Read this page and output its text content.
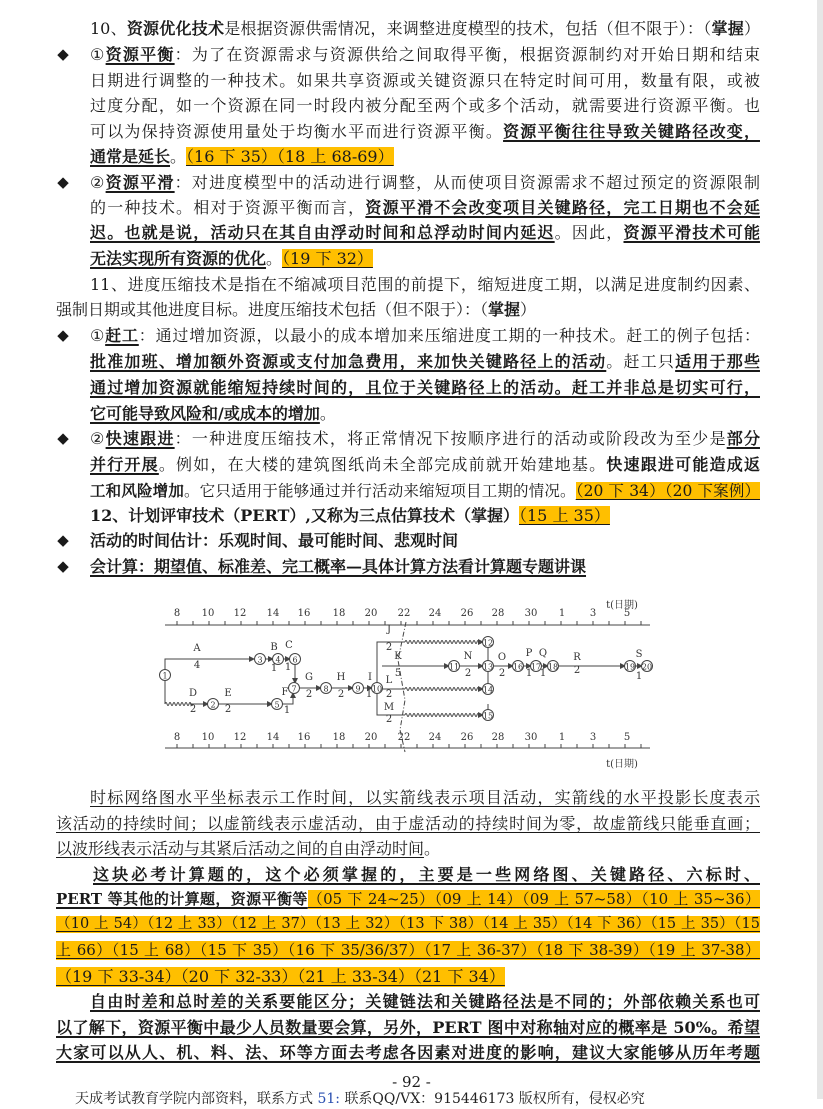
10、资源优化技术是根据资源供需情况，来调整进度模型的技术，包括（但不限于）：（掌握）
①资源平衡：为了在资源需求与资源供给之间取得平衡，根据资源制约对开始日期和结束
◆
日期进行调整的一种技术。如果共享资源或关键资源只在特定时间可用，数量有限，或被
过度分配，如一个资源在同一时段内被分配至两个或多个活动，就需要进行资源平衡。也
可以为保持资源使用量处于均衡水平而进行资源平衡。资源平衡往往导致关键路径改变，
通常是延长。（16 下 35）（18 上 68-69）
②资源平滑：对进度模型中的活动进行调整，从而使项目资源需求不超过预定的资源限制
◆
的一种技术。相对于资源平衡而言，资源平滑不会改变项目关键路径，完工日期也不会延
迟。也就是说，活动只在其自由浮动时间和总浮动时间内延迟。因此，资源平滑技术可能
无法实现所有资源的优化。（19 下 32）
11、进度压缩技术是指在不缩减项目范围的前提下，缩短进度工期，以满足进度制约因素、
强制日期或其他进度目标。进度压缩技术包括（但不限于）：（掌握）
①赶工：通过增加资源，以最小的成本增加来压缩进度工期的一种技术。赶工的例子包括：
◆
批准加班、增加额外资源或支付加急费用，来加快关键路径上的活动。赶工只适用于那些
通过增加资源就能缩短持续时间的，且位于关键路径上的活动。赶工并非总是切实可行，
它可能导致风险和/或成本的增加。
②快速跟进：一种进度压缩技术，将正常情况下按顺序进行的活动或阶段改为至少是部分
◆
并行开展。例如，在大楼的建筑图纸尚未全部完成前就开始建地基。快速跟进可能造成返
工和风险增加。它只适用于能够通过并行活动来缩短项目工期的情况。（20 下 34）（20 下案例）
12、计划评审技术（PERT）,又称为三点估算技术（掌握）（15 上 35）
活动的时间估计：乐观时间、最可能时间、悲观时间
◆
会计算：期望值、标准差、完工概率—具体计算方法看计算题专题讲课
◆
时标网络图水平坐标表示工作时间，以实箭线表示项目活动，实箭线的水平投影长度表示
该活动的持续时间；以虚箭线表示虚活动，由于虚活动的持续时间为零，故虚箭线只能垂直画；
以波形线表示活动与其紧后活动之间的自由浮动时间。
这块必考计算题的，这个必须掌握的，主要是一些网络图、关键路径、六标时、
PERT 等其他的计算题，资源平衡等（05 下 24~25）（09 上 14）（09 上 57~58）（10 上 35~36）
（10 上 54）（12 上 33）（12 上 37）（13 上 32）（13 下 38）（14 上 35）（14 下 36）（15 上 35）（15
上 66）（15 上 68）（15 下 35）（16 下 35/36/37）（17 上 36-37）（18 下 38-39）（19 上 37-38）
（19 下 33-34）（20 下 32-33）（21 上 33-34）（21 下 34）
自由时差和总时差的关系要能区分；关键链法和关键路径法是不同的；外部依赖关系也可
以了解下，资源平衡中最少人员数量要会算，另外，PERT 图中对称轴对应的概率是 50%。希望
大家可以从人、机、料、法、环等方面去考虑各因素对进度的影响，建议大家能够从历年考题
8 10 12 14 16 18 20 22 24 26 28 30 1 3	5
8 10 12 14 16 18 20 22 24 26 28 30 1 3	5
t(日期)
t(日期)
1
2
3 4
5
6
7	8	9 10
11
12
13
14
15
16 17 18	19 20
A
4
B
1
C
1
D
2
E
2
F
1
G
2
H
2
I
1
J
2
K
5
L
2
M
2
N
2
O
2
P
1
Q
1
R
2
S
1
- 92 -
天成考试教育学院内部资料，联系方式 51: 联系QQ/VX：915446173 版权所有，侵权必究
